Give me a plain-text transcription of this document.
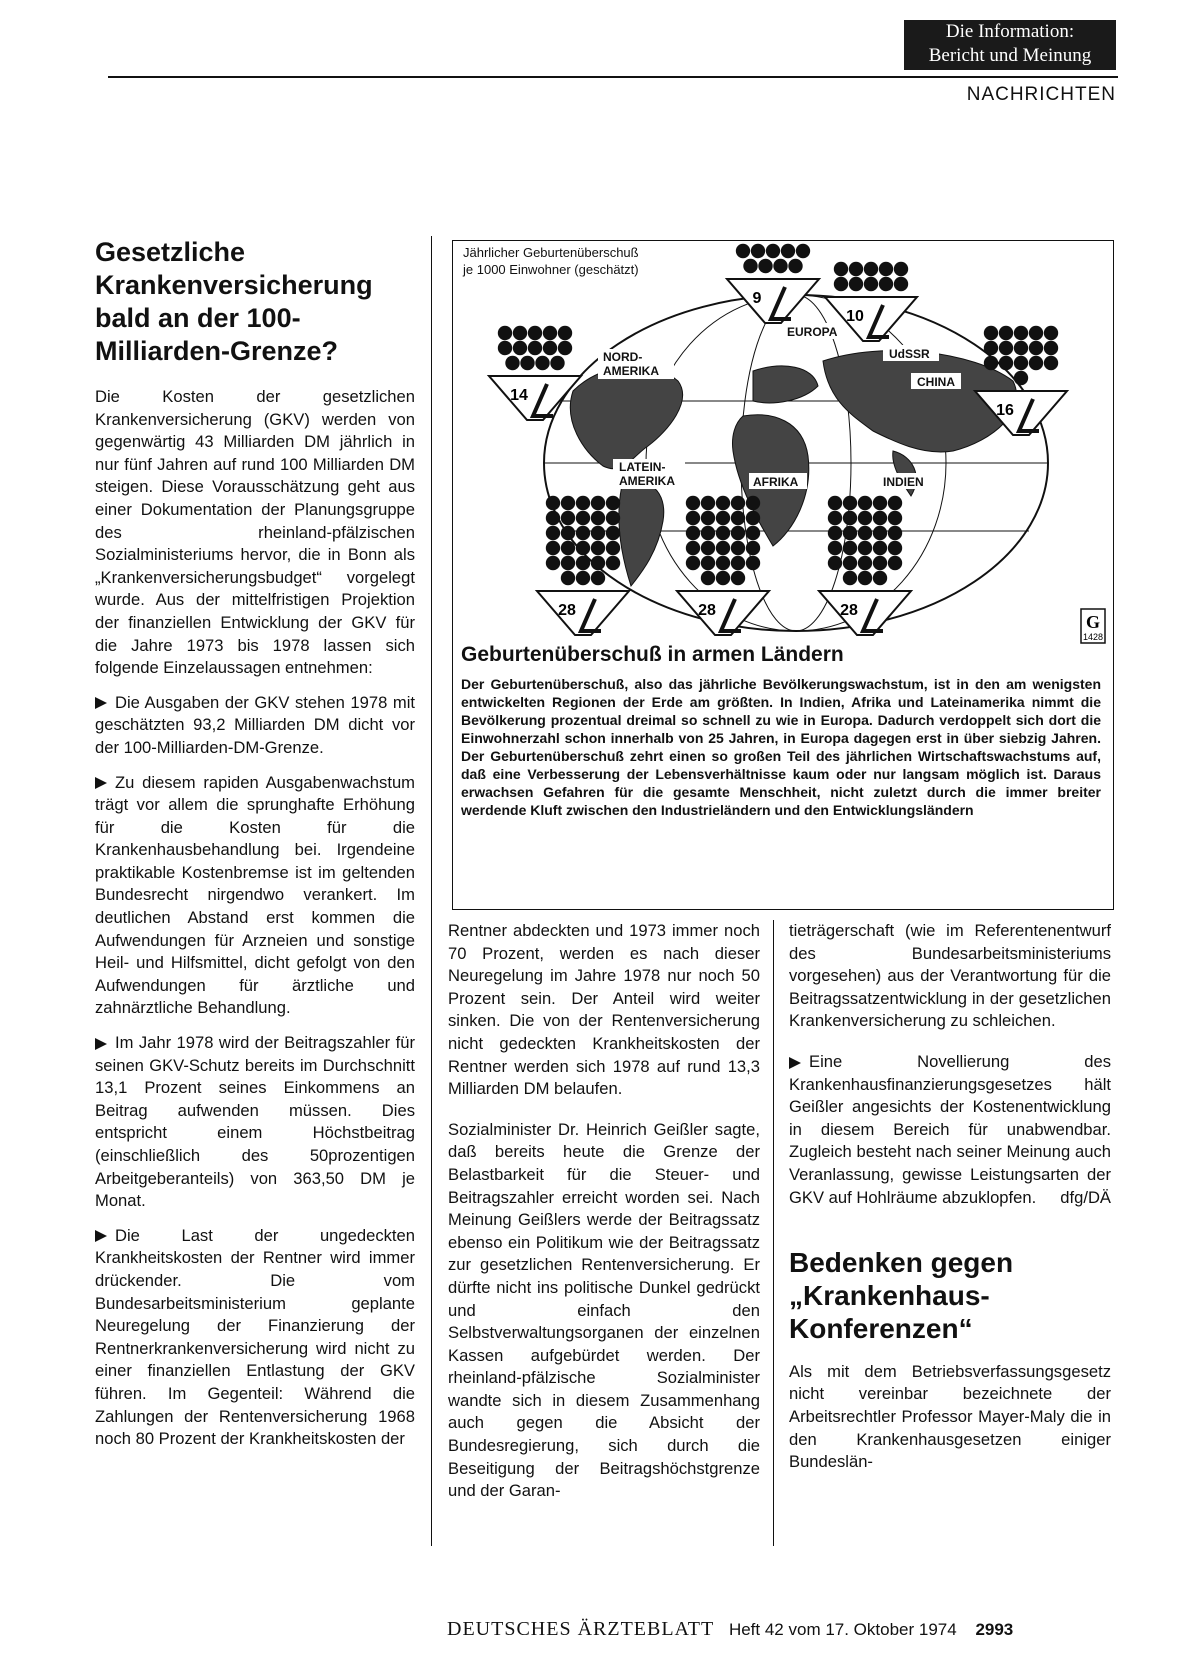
Die Information:
Bericht und Meinung
NACHRICHTEN
Gesetzliche Krankenversicherung bald an der 100-Milliarden-Grenze?

Die Kosten der gesetzlichen Krankenversicherung (GKV) werden von gegenwärtig 43 Milliarden DM jährlich in nur fünf Jahren auf rund 100 Milliarden DM steigen. Diese Vorausschätzung geht aus einer Dokumentation der Planungsgruppe des rheinland-pfälzischen Sozialministeriums hervor, die in Bonn als „Krankenversicherungsbudget“ vorgelegt wurde. Aus der mittelfristigen Projektion der finanziellen Entwicklung der GKV für die Jahre 1973 bis 1978 lassen sich folgende Einzelaussagen entnehmen:

Die Ausgaben der GKV stehen 1978 mit geschätzten 93,2 Milliarden DM dicht vor der 100-Milliarden-DM-Grenze.

Zu diesem rapiden Ausgabenwachstum trägt vor allem die sprunghafte Erhöhung für die Kosten für die Krankenhausbehandlung bei. Irgendeine praktikable Kostenbremse ist im geltenden Bundesrecht nirgendwo verankert. Im deutlichen Abstand erst kommen die Aufwendungen für Arzneien und sonstige Heil- und Hilfsmittel, dicht gefolgt von den Aufwendungen für ärztliche und zahnärztliche Behandlung.

Im Jahr 1978 wird der Beitragszahler für seinen GKV-Schutz bereits im Durchschnitt 13,1 Prozent seines Einkommens an Beitrag aufwenden müssen. Dies entspricht einem Höchstbeitrag (einschließlich des 50prozentigen Arbeitgeberanteils) von 363,50 DM je Monat.

Die Last der ungedeckten Krankheitskosten der Rentner wird immer drückender. Die vom Bundesarbeitsministerium geplante Neuregelung der Finanzierung der Rentnerkrankenversicherung wird nicht zu einer finanziellen Entlastung der GKV führen. Im Gegenteil: Während die Zahlungen der Rentenversicherung 1968 noch 80 Prozent der Krankheitskosten der

NORD-
AMERIKA
EUROPA
UdSSR
CHINA
LATEIN-
AMERIKA	AFRIKA	INDIEN
Jährlicher Geburtenüberschuß
je 1000 Einwohner (geschätzt)
14
9
10
16
28	28	28
G
1428

Geburtenüberschuß in armen Ländern

Der Geburtenüberschuß, also das jährliche Bevölkerungswachstum, ist in den am wenigsten entwickelten Regionen der Erde am größten. In Indien, Afrika und Lateinamerika nimmt die Bevölkerung prozentual dreimal so schnell zu wie in Europa. Dadurch verdoppelt sich dort die Einwohnerzahl schon innerhalb von 25 Jahren, in Europa dagegen erst in über siebzig Jahren. Der Geburtenüberschuß zehrt einen so großen Teil des jährlichen Wirtschaftswachstums auf, daß eine Verbesserung der Lebensverhältnisse kaum oder nur langsam möglich ist. Daraus erwachsen Gefahren für die gesamte Menschheit, nicht zuletzt durch die immer breiter werdende Kluft zwischen den Industrieländern und den Entwicklungsländern

Rentner abdeckten und 1973 immer noch 70 Prozent, werden es nach dieser Neuregelung im Jahre 1978 nur noch 50 Prozent sein. Der Anteil wird weiter sinken. Die von der Rentenversicherung nicht gedeckten Krankheitskosten der Rentner werden sich 1978 auf rund 13,3 Milliarden DM belaufen.

Sozialminister Dr. Heinrich Geißler sagte, daß bereits heute die Grenze der Belastbarkeit für die Steuer- und Beitragszahler erreicht worden sei. Nach Meinung Geißlers werde der Beitragssatz ebenso ein Politikum wie der Beitragssatz zur gesetzlichen Rentenversicherung. Er dürfte nicht ins politische Dunkel gedrückt und einfach den Selbstverwaltungsorganen der einzelnen Kassen aufgebürdet werden. Der rheinland-pfälzische Sozialminister wandte sich in diesem Zusammenhang auch gegen die Absicht der Bundesregierung, sich durch die Beseitigung der Beitragshöchstgrenze und der Garan-

tieträgerschaft (wie im Referentenentwurf des Bundesarbeitsministeriums vorgesehen) aus der Verantwortung für die Beitragssatzentwicklung in der gesetzlichen Krankenversicherung zu schleichen.

Eine Novellierung des Krankenhausfinanzierungsgesetzes hält Geißler angesichts der Kostenentwicklung in diesem Bereich für unabwendbar. Zugleich besteht nach seiner Meinung auch Veranlassung, gewisse Leistungsarten der GKV auf Hohlräume abzuklopfen.	dfg/DÄ
Bedenken gegen „Krankenhaus-Konferenzen“

Als mit dem Betriebsverfassungsgesetz nicht vereinbar bezeichnete der Arbeitsrechtler Professor Mayer-Maly die in den Krankenhausgesetzen einiger Bundeslän-

DEUTSCHES ÄRZTEBLATT Heft 42 vom 17. Oktober 1974 2993
